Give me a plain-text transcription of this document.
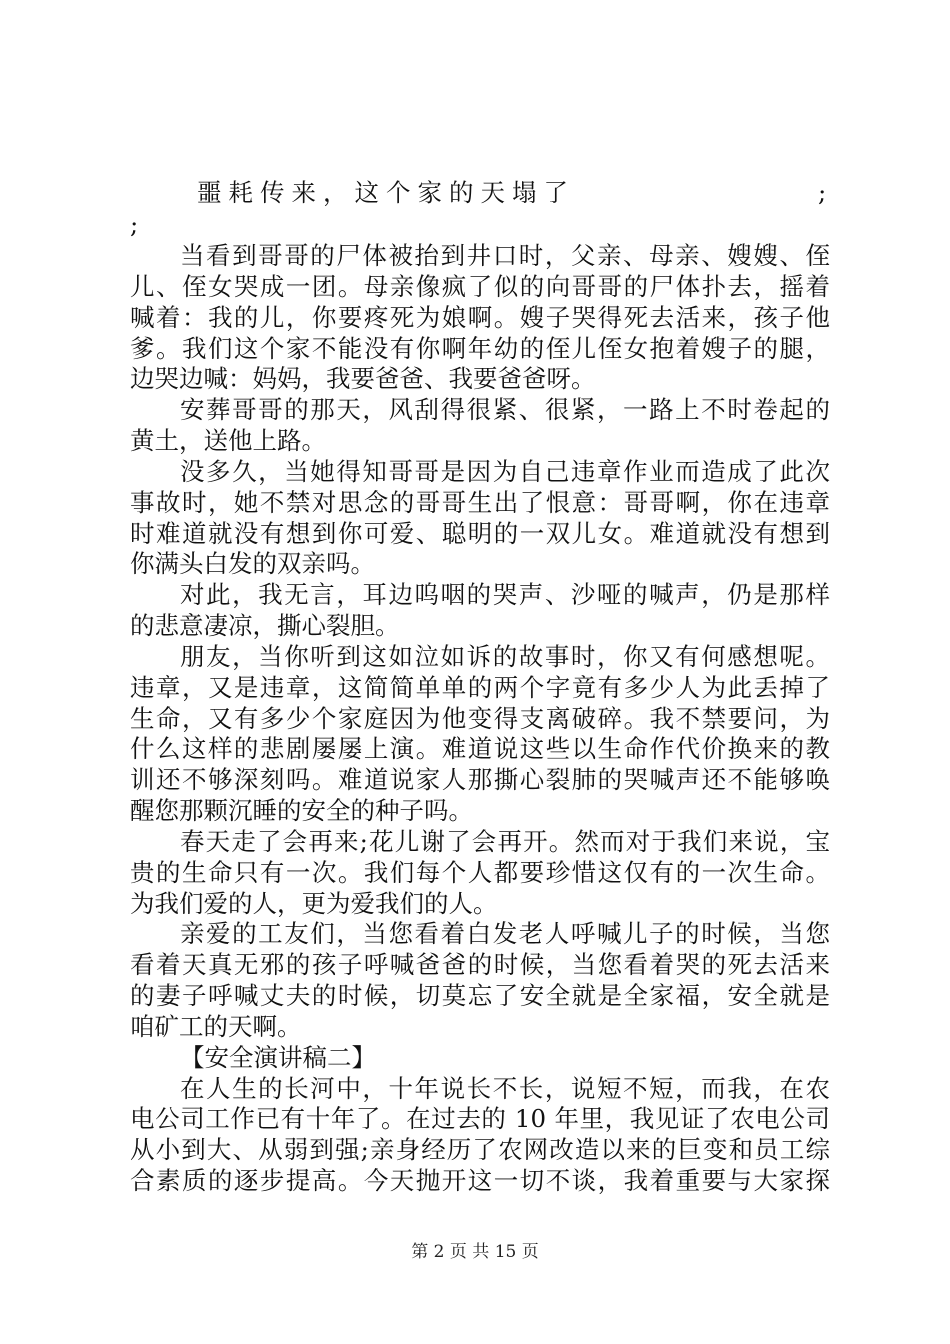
噩耗传来，这个家的天塌了	;
;
当看到哥哥的尸体被抬到井口时，父亲、母亲、嫂嫂、侄
儿、侄女哭成一团。母亲像疯了似的向哥哥的尸体扑去，摇着
喊着：我的儿，你要疼死为娘啊。嫂子哭得死去活来，孩子他
爹。我们这个家不能没有你啊年幼的侄儿侄女抱着嫂子的腿，
边哭边喊：妈妈，我要爸爸、我要爸爸呀。
安葬哥哥的那天，风刮得很紧、很紧，一路上不时卷起的
黄土，送他上路。
没多久，当她得知哥哥是因为自己违章作业而造成了此次
事故时，她不禁对思念的哥哥生出了恨意：哥哥啊，你在违章
时难道就没有想到你可爱、聪明的一双儿女。难道就没有想到
你满头白发的双亲吗。
对此，我无言，耳边呜咽的哭声、沙哑的喊声，仍是那样
的悲意凄凉，撕心裂胆。
朋友，当你听到这如泣如诉的故事时，你又有何感想呢。
违章，又是违章，这简简单单的两个字竟有多少人为此丢掉了
生命，又有多少个家庭因为他变得支离破碎。我不禁要问，为
什么这样的悲剧屡屡上演。难道说这些以生命作代价换来的教
训还不够深刻吗。难道说家人那撕心裂肺的哭喊声还不能够唤
醒您那颗沉睡的安全的种子吗。
春天走了会再来;花儿谢了会再开。然而对于我们来说，宝
贵的生命只有一次。我们每个人都要珍惜这仅有的一次生命。
为我们爱的人，更为爱我们的人。
亲爱的工友们，当您看着白发老人呼喊儿子的时候，当您
看着天真无邪的孩子呼喊爸爸的时候，当您看着哭的死去活来
的妻子呼喊丈夫的时候，切莫忘了安全就是全家福，安全就是
咱矿工的天啊。
【安全演讲稿二】
在人生的长河中，十年说长不长，说短不短，而我，在农
电公司工作已有十年了。在过去的 10 年里，我见证了农电公司
从小到大、从弱到强;亲身经历了农网改造以来的巨变和员工综
合素质的逐步提高。今天抛开这一切不谈，我着重要与大家探
第 2 页 共 15 页
